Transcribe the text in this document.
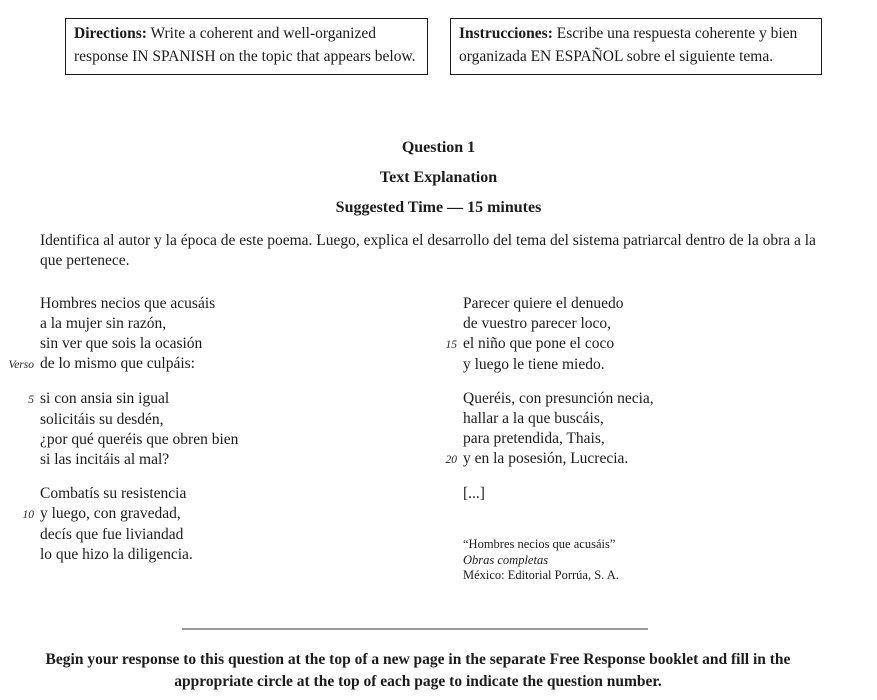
Directions: Write a coherent and well-organized response IN SPANISH on the topic that appears below.
Instrucciones: Escribe una respuesta coherente y bien organizada EN ESPAÑOL sobre el siguiente tema.
Question 1
Text Explanation
Suggested Time — 15 minutes
Identifica al autor y la época de este poema. Luego, explica el desarrollo del tema del sistema patriarcal dentro de la obra a la que pertenece.
Hombres necios que acusáis
a la mujer sin razón,
sin ver que sois la ocasión
Verso de lo mismo que culpáis:
5 si con ansia sin igual
solicitáis su desdén,
¿por qué queréis que obren bien
si las incitáis al mal?
Combatís su resistencia
10 y luego, con gravedad,
decís que fue liviandad
lo que hizo la diligencia.
Parecer quiere el denuedo
de vuestro parecer loco,
15 el niño que pone el coco
y luego le tiene miedo.
Queréis, con presunción necia,
hallar a la que buscáis,
para pretendida, Thais,
20 y en la posesión, Lucrecia.
[...]
“Hombres necios que acusáis”
Obras completas
México: Editorial Porrúa, S. A.
Begin your response to this question at the top of a new page in the separate Free Response booklet and fill in the appropriate circle at the top of each page to indicate the question number.
